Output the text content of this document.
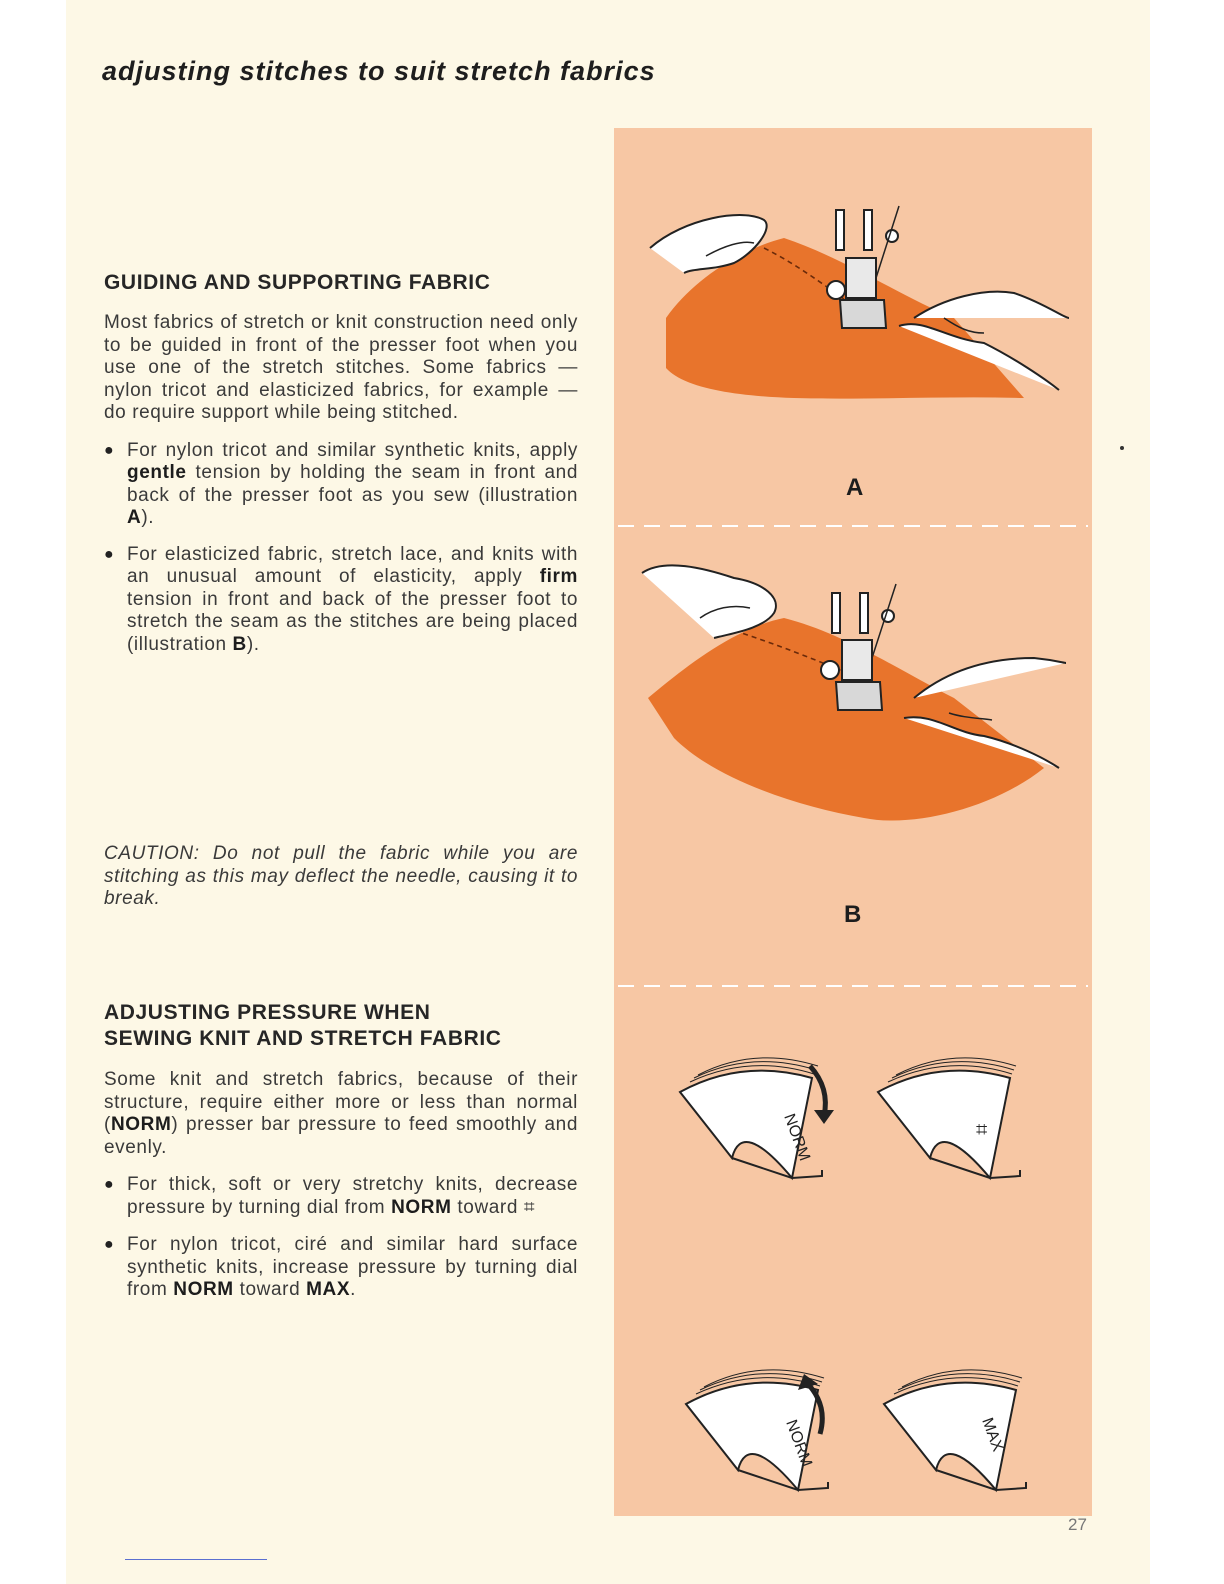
adjusting stitches to suit stretch fabrics
GUIDING AND SUPPORTING FABRIC

Most fabrics of stretch or knit construction need only to be guided in front of the presser foot when you use one of the stretch stitches. Some fabrics — nylon tricot and elasticized fabrics, for example — do require support while being stitched.

● For nylon tricot and similar synthetic knits, apply gentle tension by holding the seam in front and back of the presser foot as you sew (illustration A).
● For elasticized fabric, stretch lace, and knits with an unusual amount of elasticity, apply firm tension in front and back of the presser foot to stretch the seam as the stitches are being placed (illustration B).

CAUTION: Do not pull the fabric while you are stitching as this may deflect the needle, causing it to break.

ADJUSTING PRESSURE WHEN
SEWING KNIT AND STRETCH FABRIC

Some knit and stretch fabrics, because of their structure, require either more or less than normal (NORM) presser bar pressure to feed smoothly and evenly.

● For thick, soft or very stretchy knits, decrease pressure by turning dial from NORM toward ⌗
● For nylon tricot, ciré and similar hard surface synthetic knits, increase pressure by turning dial from NORM toward MAX.
A
B
NORM	⌗
NORM	MAX
27
